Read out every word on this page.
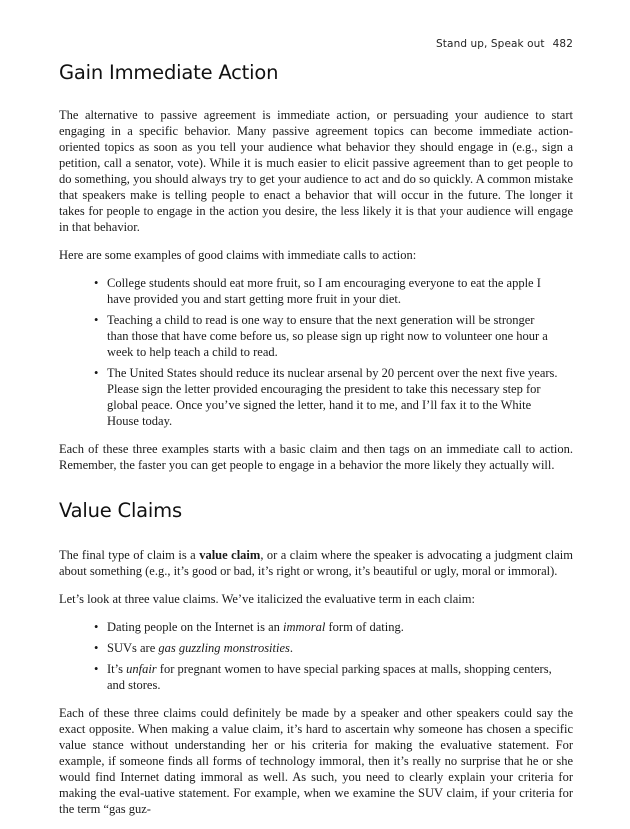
Stand up, Speak out 482
Gain Immediate Action

The alternative to passive agreement is immediate action, or persuading your audience to start engaging in a specific behavior. Many passive agreement topics can become immediate action-oriented topics as soon as you tell your audience what behavior they should engage in (e.g., sign a petition, call a senator, vote). While it is much easier to elicit passive agreement than to get people to do something, you should always try to get your audience to act and do so quickly. A common mistake that speakers make is telling people to enact a behavior that will occur in the future. The longer it takes for people to engage in the action you desire, the less likely it is that your audience will engage in that behavior.

Here are some examples of good claims with immediate calls to action:

• College students should eat more fruit, so I am encouraging everyone to eat the apple I have provided you and start getting more fruit in your diet.
• Teaching a child to read is one way to ensure that the next generation will be stronger than those that have come before us, so please sign up right now to volunteer one hour a week to help teach a child to read.
• The United States should reduce its nuclear arsenal by 20 percent over the next five years. Please sign the letter provided encouraging the president to take this necessary step for global peace. Once you’ve signed the letter, hand it to me, and I’ll fax it to the White House today.

Each of these three examples starts with a basic claim and then tags on an immediate call to action. Remember, the faster you can get people to engage in a behavior the more likely they actually will.

Value Claims

The final type of claim is a value claim, or a claim where the speaker is advocating a judgment claim about something (e.g., it’s good or bad, it’s right or wrong, it’s beautiful or ugly, moral or immoral).

Let’s look at three value claims. We’ve italicized the evaluative term in each claim:

• Dating people on the Internet is an immoral form of dating.
• SUVs are gas guzzling monstrosities.
• It’s unfair for pregnant women to have special parking spaces at malls, shopping centers, and stores.

Each of these three claims could definitely be made by a speaker and other speakers could say the exact opposite. When making a value claim, it’s hard to ascertain why someone has chosen a specific value stance without understanding her or his criteria for making the evaluative statement. For example, if someone finds all forms of technology immoral, then it’s really no surprise that he or she would find Internet dating immoral as well. As such, you need to clearly explain your criteria for making the eval-uative statement. For example, when we examine the SUV claim, if your criteria for the term “gas guz-
